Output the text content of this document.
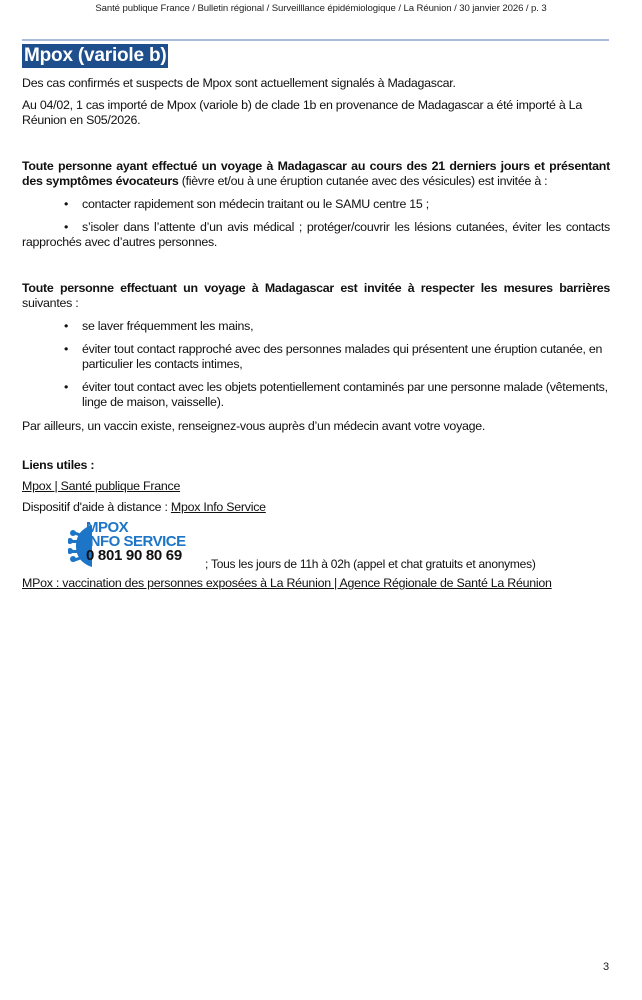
Santé publique France / Bulletin régional / Surveilllance épidémiologique / La Réunion / 30 janvier 2026 / p. 3
Mpox (variole b)

Des cas confirmés et suspects de Mpox sont actuellement signalés à Madagascar.

Au 04/02, 1 cas importé de Mpox (variole b) de clade 1b en provenance de Madagascar a été importé à La Réunion en S05/2026.

Toute personne ayant effectué un voyage à Madagascar au cours des 21 derniers jours et présentant des symptômes évocateurs (fièvre et/ou à une éruption cutanée avec des vésicules) est invitée à :

• contacter rapidement son médecin traitant ou le SAMU centre 15 ;
• s’isoler dans l’attente d’un avis médical ; protéger/couvrir les lésions cutanées, éviter les contacts rapprochés avec d’autres personnes.

Toute personne effectuant un voyage à Madagascar est invitée à respecter les mesures barrières suivantes :

• se laver fréquemment les mains,
• éviter tout contact rapproché avec des personnes malades qui présentent une éruption cutanée, en particulier les contacts intimes,
• éviter tout contact avec les objets potentiellement contaminés par une personne malade (vêtements, linge de maison, vaisselle).

Par ailleurs, un vaccin existe, renseignez-vous auprès d’un médecin avant votre voyage.

Liens utiles :

Mpox | Santé publique France

Dispositif d'aide à distance : Mpox Info Service

MPOX
INFO SERVICE
0 801 90 80 69	; Tous les jours de 11h à 02h (appel et chat gratuits et anonymes)

MPox : vaccination des personnes exposées à La Réunion | Agence Régionale de Santé La Réunion

3
